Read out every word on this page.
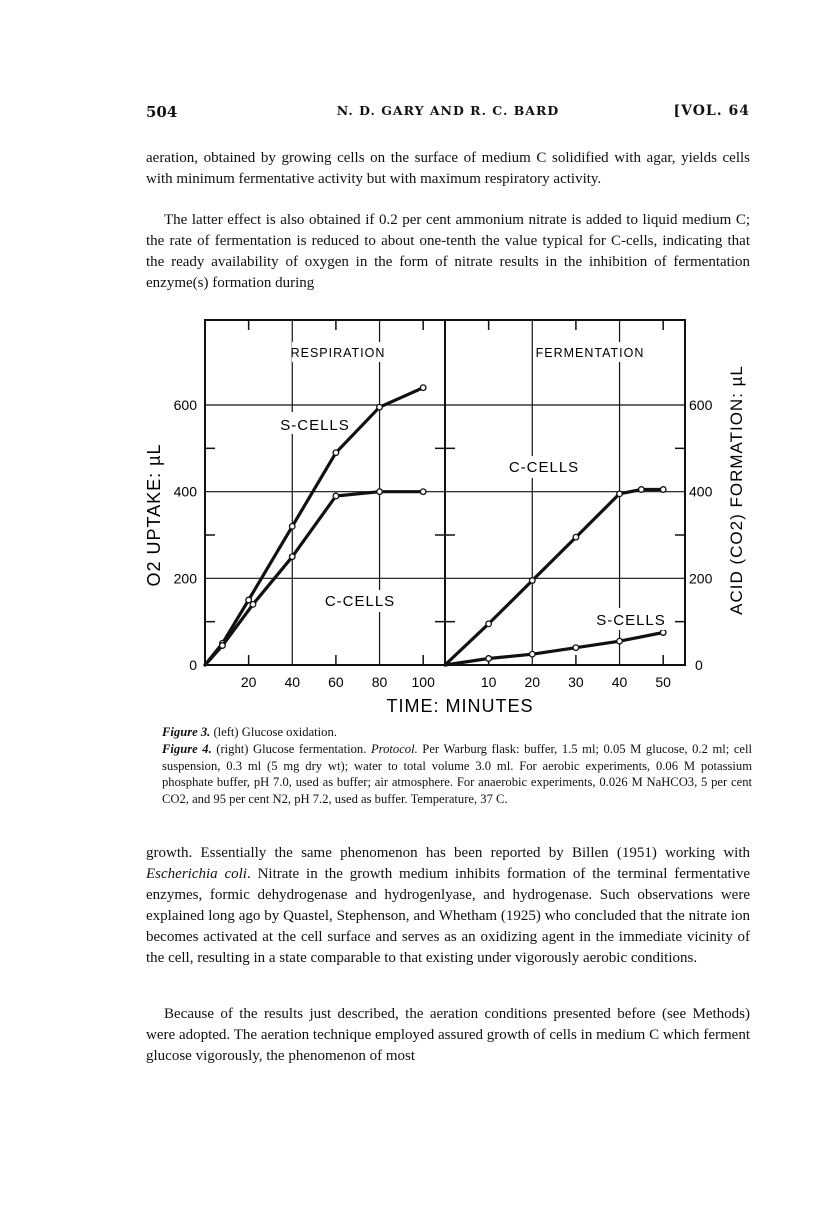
504	N. D. GARY AND R. C. BARD	[VOL. 64
aeration, obtained by growing cells on the surface of medium C solidified with agar, yields cells with minimum fermentative activity but with maximum respiratory activity.
The latter effect is also obtained if 0.2 per cent ammonium nitrate is added to liquid medium C; the rate of fermentation is reduced to about one-tenth the value typical for C-cells, indicating that the ready availability of oxygen in the form of nitrate results in the inhibition of fermentation enzyme(s) formation during
20 40 60 80 100	10 20 30 40 50
200
400
600
0
200
400
600
0
RESPIRATION	FERMENTATION
S-CELLS
C-CELLS
C-CELLS
S-CELLS
TIME: MINUTES
O2 UPTAKE: µL	ACID (CO2) FORMATION: µL
Figure 3. (left) Glucose oxidation.
Figure 4. (right) Glucose fermentation. Protocol. Per Warburg flask: buffer, 1.5 ml; 0.05 M glucose, 0.2 ml; cell suspension, 0.3 ml (5 mg dry wt); water to total volume 3.0 ml. For aerobic experiments, 0.06 M potassium phosphate buffer, pH 7.0, used as buffer; air atmosphere. For anaerobic experiments, 0.026 M NaHCO3, 5 per cent CO2, and 95 per cent N2, pH 7.2, used as buffer. Temperature, 37 C.
growth. Essentially the same phenomenon has been reported by Billen (1951) working with Escherichia coli. Nitrate in the growth medium inhibits formation of the terminal fermentative enzymes, formic dehydrogenase and hydrogenlyase, and hydrogenase. Such observations were explained long ago by Quastel, Stephenson, and Whetham (1925) who concluded that the nitrate ion becomes activated at the cell surface and serves as an oxidizing agent in the immediate vicinity of the cell, resulting in a state comparable to that existing under vigorously aerobic conditions.
Because of the results just described, the aeration conditions presented before (see Methods) were adopted. The aeration technique employed assured growth of cells in medium C which ferment glucose vigorously, the phenomenon of most
